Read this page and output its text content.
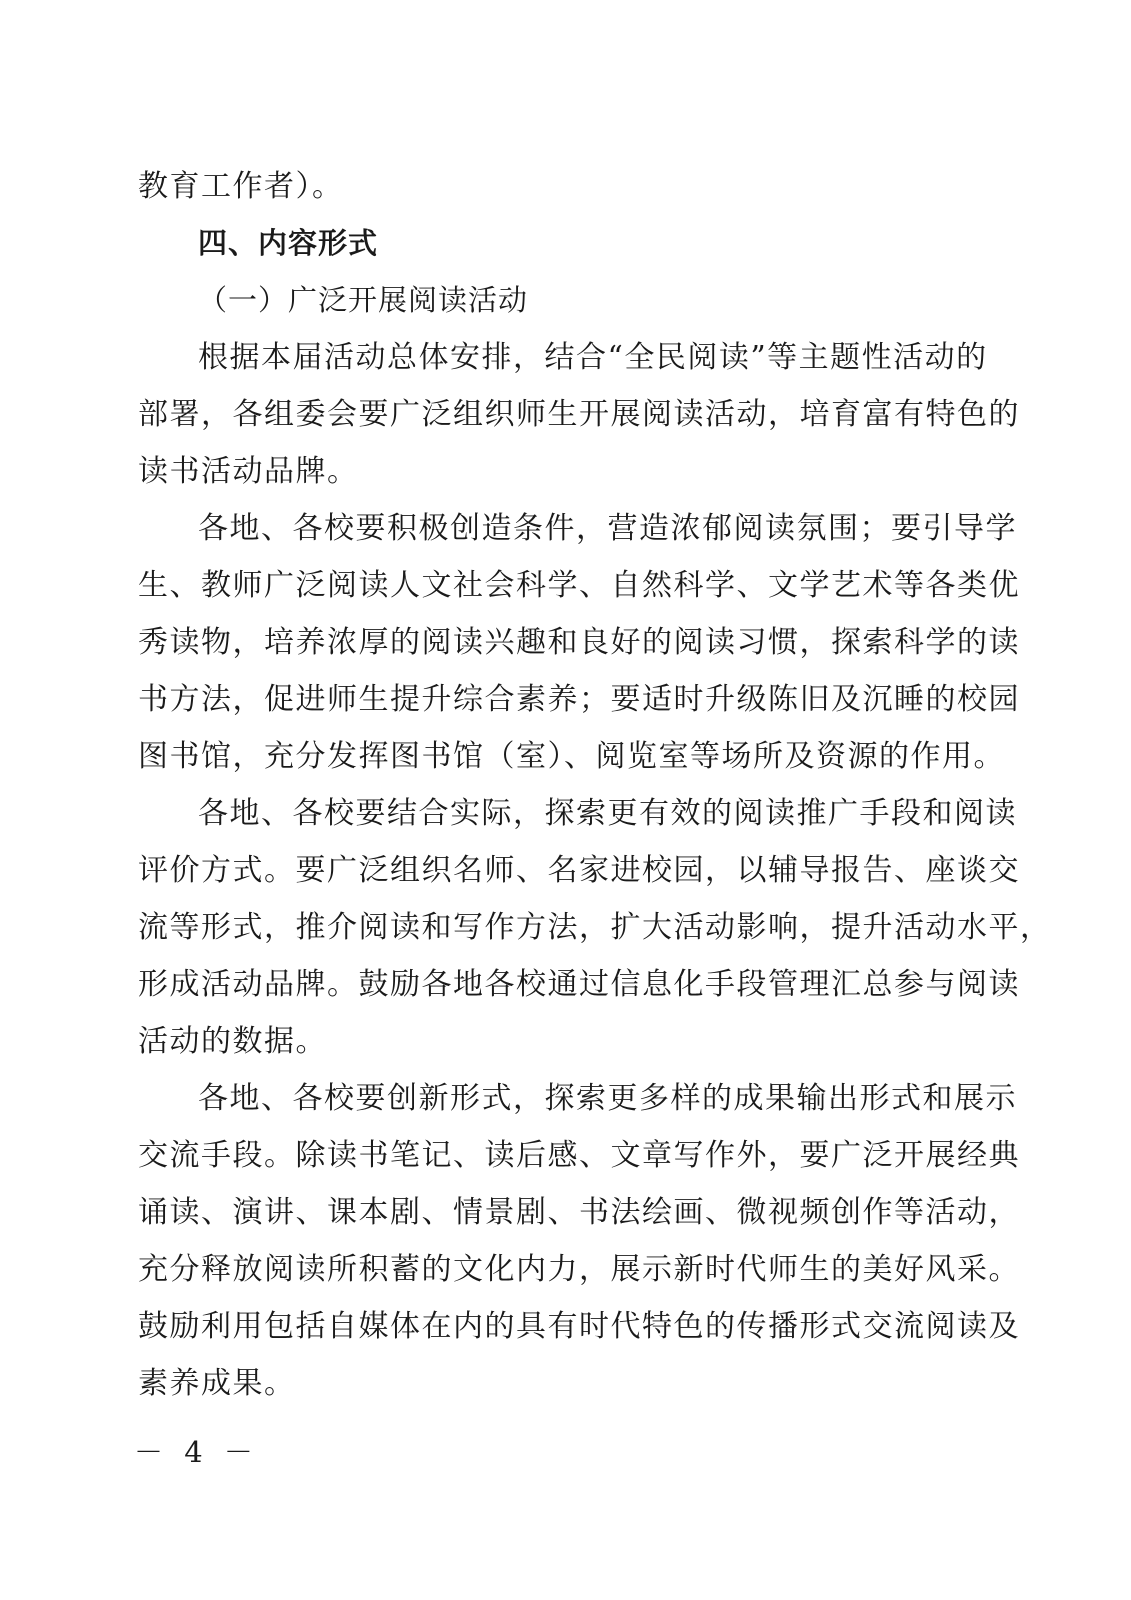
教育工作者）。
四、内容形式
（一）广泛开展阅读活动
根据本届活动总体安排，结合“全民阅读”等主题性活动的
部署，各组委会要广泛组织师生开展阅读活动，培育富有特色的
读书活动品牌。
各地、各校要积极创造条件，营造浓郁阅读氛围；要引导学
生、教师广泛阅读人文社会科学、自然科学、文学艺术等各类优
秀读物，培养浓厚的阅读兴趣和良好的阅读习惯，探索科学的读
书方法，促进师生提升综合素养；要适时升级陈旧及沉睡的校园
图书馆，充分发挥图书馆（室）、阅览室等场所及资源的作用。
各地、各校要结合实际，探索更有效的阅读推广手段和阅读
评价方式。要广泛组织名师、名家进校园，以辅导报告、座谈交
流等形式，推介阅读和写作方法，扩大活动影响，提升活动水平，
形成活动品牌。鼓励各地各校通过信息化手段管理汇总参与阅读
活动的数据。
各地、各校要创新形式，探索更多样的成果输出形式和展示
交流手段。除读书笔记、读后感、文章写作外，要广泛开展经典
诵读、演讲、课本剧、情景剧、书法绘画、微视频创作等活动，
充分释放阅读所积蓄的文化内力，展示新时代师生的美好风采。
鼓励利用包括自媒体在内的具有时代特色的传播形式交流阅读及
素养成果。
－ 4 －
